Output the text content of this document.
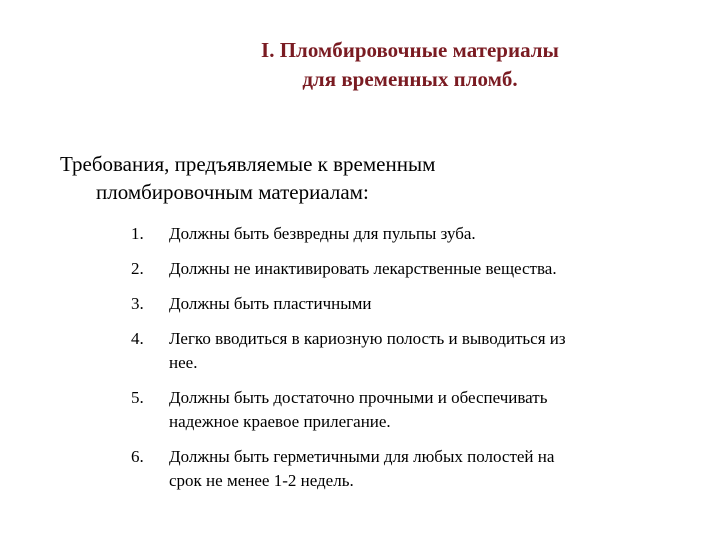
I. Пломбировочные материалы
для временных пломб.
Требования, предъявляемые к временным
пломбировочным материалам:
1.	Должны быть безвредны для пульпы зуба.
2.	Должны не инактивировать лекарственные вещества.
3.	Должны быть пластичными
4.	Легко вводиться в кариозную полость и выводиться из
нее.
5.	Должны быть достаточно прочными и обеспечивать
надежное краевое прилегание.
6.	Должны быть герметичными для любых полостей на
срок не менее 1-2 недель.
